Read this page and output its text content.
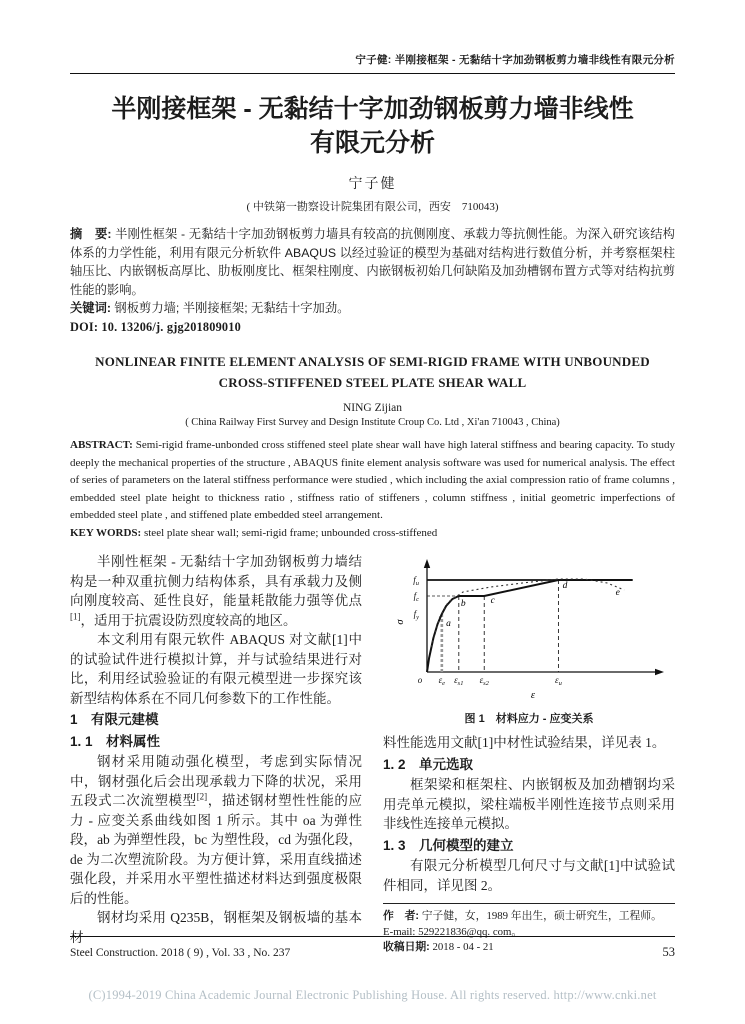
宁子健: 半刚接框架 - 无黏结十字加劲钢板剪力墙非线性有限元分析
半刚接框架 - 无黏结十字加劲钢板剪力墙非线性
有限元分析
宁子健
( 中铁第一勘察设计院集团有限公司，西安　710043)

摘　要: 半刚性框架 - 无黏结十字加劲钢板剪力墙具有较高的抗侧刚度、承载力等抗侧性能。为深入研究该结构体系的力学性能，利用有限元分析软件 ABAQUS 以经过验证的模型为基础对结构进行数值分析，并考察框架柱轴压比、内嵌钢板高厚比、肋板刚度比、框架柱刚度、内嵌钢板初始几何缺陷及加劲槽钢布置方式等对结构抗剪性能的影响。

关键词: 钢板剪力墙; 半刚接框架; 无黏结十字加劲。

DOI: 10. 13206/j. gjg201809010

NONLINEAR FINITE ELEMENT ANALYSIS OF SEMI-RIGID FRAME WITH UNBOUNDED
CROSS-STIFFENED STEEL PLATE SHEAR WALL
NING Zijian
( China Railway First Survey and Design Institute Croup Co. Ltd , Xi'an 710043 , China)

ABSTRACT: Semi-rigid frame-unbonded cross stiffened steel plate shear wall have high lateral stiffness and bearing capacity. To study deeply the mechanical properties of the structure , ABAQUS finite element analysis software was used for numerical analysis. The effect of series of parameters on the lateral stiffness performance were studied , which including the axial compression ratio of frame columns , embedded steel plate height to thickness ratio , stiffness ratio of stiffeners , column stiffness , initial geometric imperfections of embedded steel plate , and stiffened plate embedded steel arrangement.

KEY WORDS: steel plate shear wall; semi-rigid frame; unbounded cross-stiffened

半刚性框架 - 无黏结十字加劲钢板剪力墙结构是一种双重抗侧力结构体系，具有承载力及侧向刚度较高、延性良好，能量耗散能力强等优点[1]，适用于抗震设防烈度较高的地区。

本文利用有限元软件 ABAQUS 对文献[1]中的试验试件进行模拟计算，并与试验结果进行对比，利用经试验验证的有限元模型进一步探究该新型结构体系在不同几何参数下的工作性能。

1　有限元建模
1. 1　材料属性

钢材采用随动强化模型，考虑到实际情况中，钢材强化后会出现承载力下降的状况，采用五段式二次流塑模型[2]，描述钢材塑性性能的应力 - 应变关系曲线如图 1 所示。其中 oa 为弹性段，ab 为弹塑性段，bc 为塑性段，cd 为强化段，de 为二次塑流阶段。为方便计算，采用直线描述强化段，并采用水平塑性描述材料达到强度极限后的性能。

钢材均采用 Q235B，钢框架及钢板墙的基本材

o $\varepsilon_e$ $\varepsilon_{s1}$ $\varepsilon_{s2}$	$\varepsilon_u$
$f_y$
$f_c$
$f_u$
σ
ε
a
b	c
d
e
图 1　材料应力 - 应变关系

料性能选用文献[1]中材性试验结果，详见表 1。

1. 2　单元选取

框架梁和框架柱、内嵌钢板及加劲槽钢均采用壳单元模拟，梁柱端板半刚性连接节点则采用非线性连接单元模拟。

1. 3　几何模型的建立

有限元分析模型几何尺寸与文献[1]中试验试件相同，详见图 2。

作　者: 宁子健，女，1989 年出生，硕士研究生，工程师。

E-mail: 529221836@qq. com。

收稿日期: 2018 - 04 - 21

Steel Construction. 2018 ( 9) , Vol. 33 , No. 237	53
(C)1994-2019 China Academic Journal Electronic Publishing House. All rights reserved. http://www.cnki.net
